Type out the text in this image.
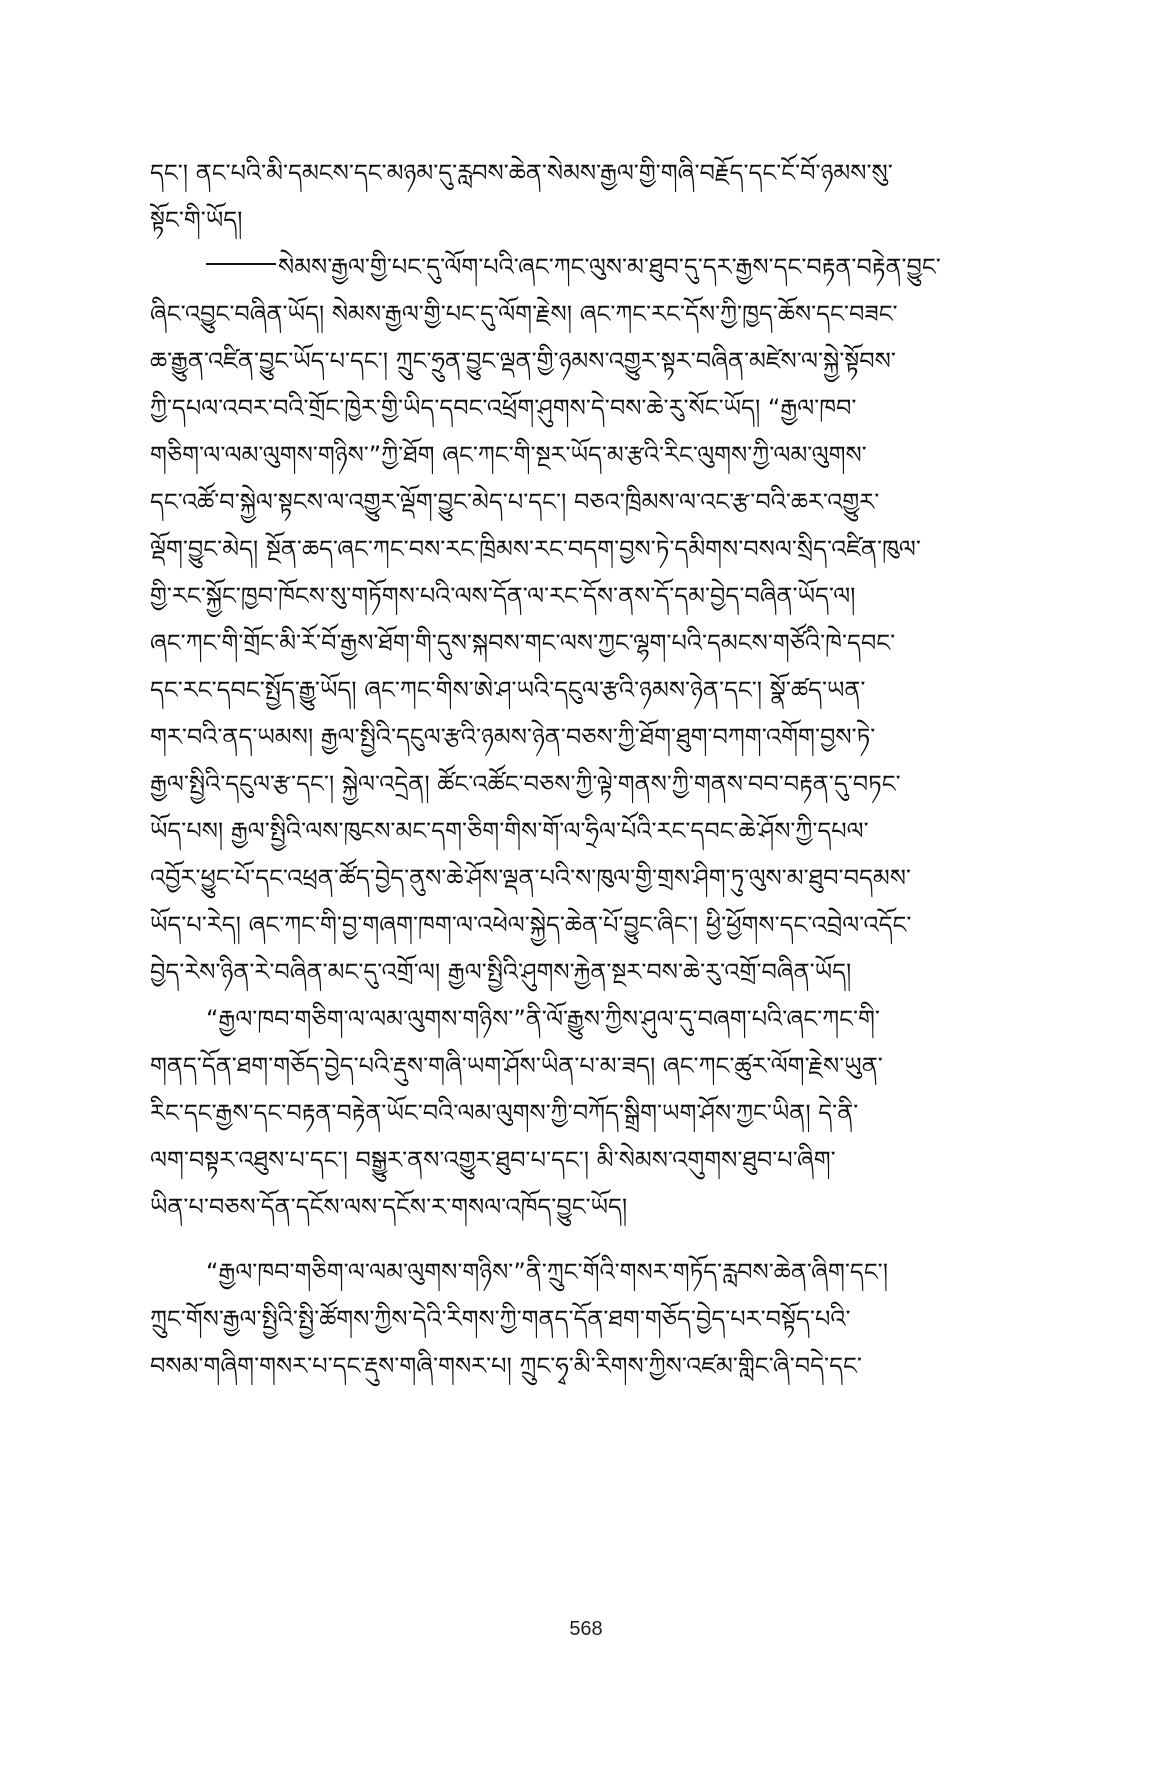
དང་། ནང་པའི་མི་དམངས་དང་མཉམ་དུ་རླབས་ཆེན་སེམས་རྒྱལ་གྱི་གཞི་བརྗོད་དང་ངོ་བོ་ཉམས་སུ་
སྟོང་གི་ཡོད།
སེམས་རྒྱལ་གྱི་པང་དུ་ལོག་པའི་ཞང་ཀང་ལུས་མ་ཐུབ་དུ་དར་རྒྱས་དང་བརྟན་བརྟེན་བྱུང་
ཞིང་འབྱུང་བཞིན་ཡོད། སེམས་རྒྱལ་གྱི་པང་དུ་ལོག་རྗེས། ཞང་ཀང་རང་དོས་ཀྱི་ཁྱད་ཆོས་དང་བཟང་
ཆ་རྒྱུན་འཛིན་བྱུང་ཡོད་པ་དང་། ཀྲུང་ཧྲུན་བྱུང་ལྡན་གྱི་ཉམས་འགྱུར་སྟར་བཞིན་མཛེས་ལ་སྐྱེ་སྟོབས་
ཀྱི་དཔལ་འབར་བའི་གྲོང་ཁྱེར་གྱི་ཡིད་དབང་འཕྲོག་ཤུགས་དེ་བས་ཆེ་རུ་སོང་ཡོད། “རྒྱལ་ཁབ་
གཅིག་ལ་ལམ་ལུགས་གཉིས་”ཀྱི་ཐོག ཞང་ཀང་གི་སྔར་ཡོད་མ་རྩའི་རིང་ལུགས་ཀྱི་ལམ་ལུགས་
དང་འཚོ་བ་སྐྱེལ་སྟངས་ལ་འགྱུར་ལྡོག་བྱུང་མེད་པ་དང་། བཅའ་ཁྲིམས་ལ་འང་རྩ་བའི་ཆར་འགྱུར་
ལྡོག་བྱུང་མེད། སྔོན་ཆད་ཞང་ཀང་བས་རང་ཁྲིམས་རང་བདག་བྱས་ཏེ་དམིགས་བསལ་སྲིད་འཛིན་ཁུལ་
གྱི་རང་སྐྱོང་ཁྱབ་ཁོངས་སུ་གཏོགས་པའི་ལས་དོན་ལ་རང་དོས་ནས་དོ་དམ་བྱེད་བཞིན་ཡོད་ལ།
ཞང་ཀང་གི་གྲོང་མི་རོ་བོ་རྒྱས་ཐོག་གི་དུས་སྐབས་གང་ལས་ཀྱང་ལྷག་པའི་དམངས་གཙོའི་ཁེ་དབང་
དང་རང་དབང་སྤྱོད་རྒྱུ་ཡོད། ཞང་ཀང་གིས་ཨེ་ཤ་ཡའི་དངུལ་རྩའི་ཉམས་ཉེན་དང་། སྣོ་ཚད་ཡན་
གར་བའི་ནད་ཡམས། རྒྱལ་སྤྱིའི་དངུལ་རྩའི་ཉམས་ཉེན་བཅས་ཀྱི་ཐོག་ཐུག་བཀག་འགོག་བྱས་ཏེ་
རྒྱལ་སྤྱིའི་དངུལ་རྩ་དང་། སྐྱེལ་འདྲེན། ཚོང་འཚོང་བཅས་ཀྱི་ལྟེ་གནས་ཀྱི་གནས་བབ་བརྟན་དུ་བཏང་
ཡོད་པས། རྒྱལ་སྤྱིའི་ལས་ཁུངས་མང་དག་ཅིག་གིས་གོ་ལ་ཧྲིལ་པོའི་རང་དབང་ཆེ་ཤོས་ཀྱི་དཔལ་
འབྱོར་ཕྱུང་པོ་དང་འཕྲན་ཚོད་བྱེད་ནུས་ཆེ་ཤོས་ལྡན་པའི་ས་ཁུལ་གྱི་གྲས་ཤིག་ཏུ་ལུས་མ་ཐུབ་བདམས་
ཡོད་པ་རེད། ཞང་ཀང་གི་བྱ་གཞག་ཁག་ལ་འཕེལ་སྐྱེད་ཆེན་པོ་བྱུང་ཞིང་། ཕྱི་ཕྱོགས་དང་འབྲེལ་འདོང་
བྱེད་རེས་ཉིན་རེ་བཞིན་མང་དུ་འགྲོ་ལ། རྒྱལ་སྤྱིའི་ཤུགས་རྐྱེན་སྔར་བས་ཆེ་རུ་འགྲོ་བཞིན་ཡོད།
“རྒྱལ་ཁབ་གཅིག་ལ་ལམ་ལུགས་གཉིས་”ནི་ལོ་རྒྱུས་ཀྱིས་ཤུལ་དུ་བཞག་པའི་ཞང་ཀང་གི་
གནད་དོན་ཐག་གཅོད་བྱེད་པའི་རྡུས་གཞི་ཡག་ཤོས་ཡིན་པ་མ་ཟད། ཞང་ཀང་ཚུར་ལོག་རྗེས་ཡུན་
རིང་དང་རྒྱས་དང་བརྟན་བརྟེན་ཡོང་བའི་ལམ་ལུགས་ཀྱི་བཀོད་སྒྲིག་ཡག་ཤོས་ཀྱང་ཡིན། དེ་ནི་
ལག་བསྟར་འཐུས་པ་དང་། བསྒྱུར་ནས་འགྱུར་ཐུབ་པ་དང་། མི་སེམས་འགུགས་ཐུབ་པ་ཞིག་
ཡིན་པ་བཅས་དོན་དངོས་ལས་དངོས་ར་གསལ་འཁོད་བྱུང་ཡོད།
“རྒྱལ་ཁབ་གཅིག་ལ་ལམ་ལུགས་གཉིས་”ནི་ཀྲུང་གོའི་གསར་གཏོད་རླབས་ཆེན་ཞིག་དང་།
ཀྲུང་གོས་རྒྱལ་སྤྱིའི་སྤྱི་ཚོགས་ཀྱིས་དེའི་རིགས་ཀྱི་གནད་དོན་ཐག་གཅོད་བྱེད་པར་བསྟོད་པའི་
བསམ་གཞིག་གསར་པ་དང་རྡུས་གཞི་གསར་པ། ཀྲུང་ཧྭ་མི་རིགས་ཀྱིས་འཛམ་གླིང་ཞི་བདེ་དང་
568
